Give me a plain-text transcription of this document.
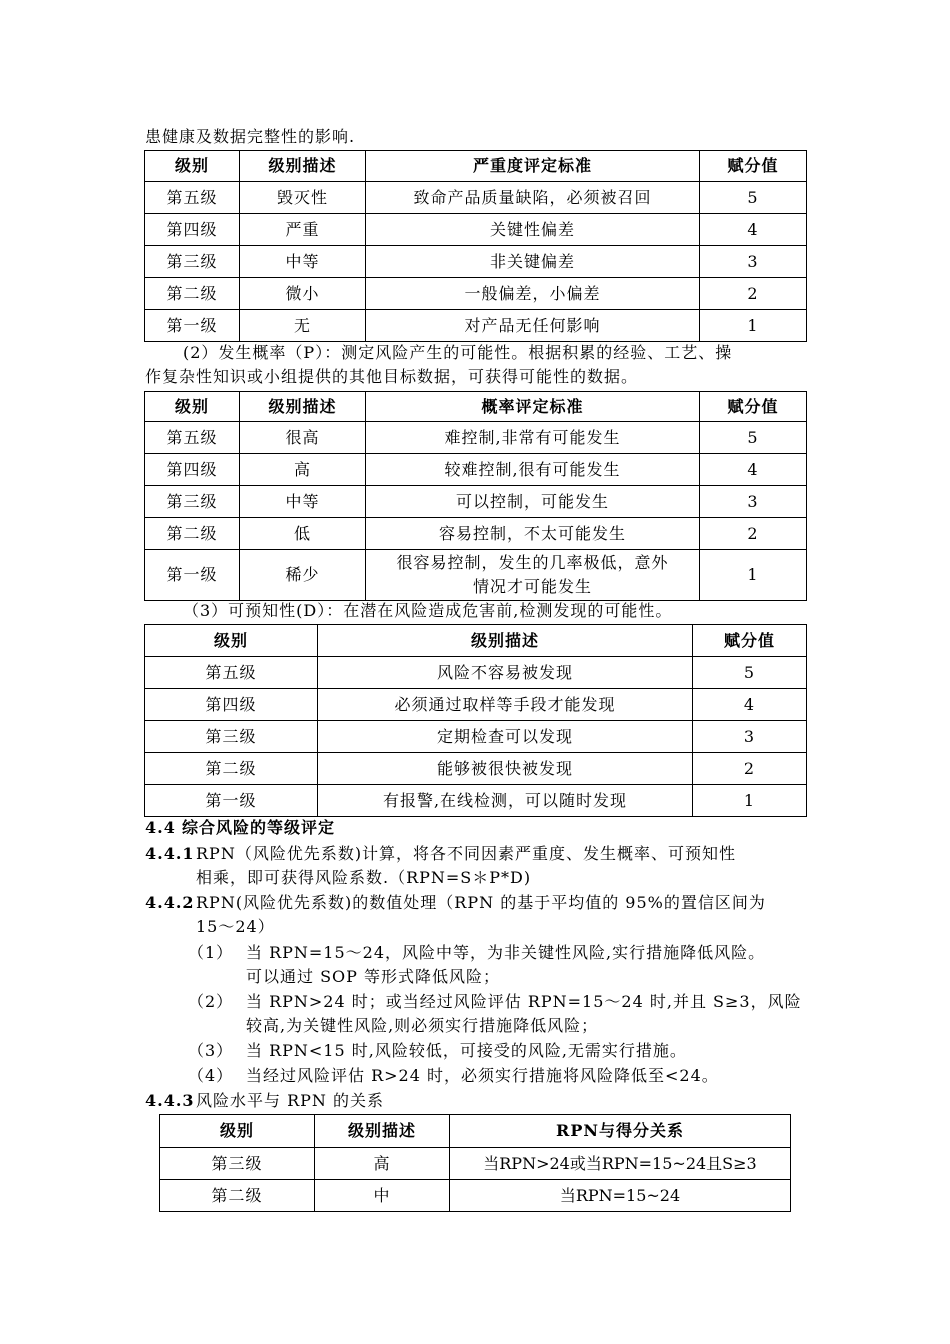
患健康及数据完整性的影响.
级别	级别描述	严重度评定标准	赋分值
第五级	毁灭性	致命产品质量缺陷，必须被召回	5
第四级	严重	关键性偏差	4
第三级	中等	非关键偏差	3
第二级	微小	一般偏差，小偏差	2
第一级	无	对产品无任何影响	1
(2）发生概率（P）：测定风险产生的可能性。根据积累的经验、工艺、操
作复杂性知识或小组提供的其他目标数据，可获得可能性的数据。
级别	级别描述	概率评定标准	赋分值
第五级	很高	难控制,非常有可能发生	5
第四级	高	较难控制,很有可能发生	4
第三级	中等	可以控制，可能发生	3
第二级	低	容易控制，不太可能发生	2
第一级	稀少	很容易控制，发生的几率极低，意外
情况才可能发生	1
（3）可预知性(D）：在潜在风险造成危害前,检测发现的可能性。
级别	级别描述	赋分值
第五级	风险不容易被发现	5
第四级	必须通过取样等手段才能发现	4
第三级	定期检查可以发现	3
第二级	能够被很快被发现	2
第一级	有报警,在线检测，可以随时发现	1
4.4 综合风险的等级评定
4.4.1 RPN（风险优先系数)计算，将各不同因素严重度、发生概率、可预知性
相乘，即可获得风险系数.（RPN=S＊P*D)
4.4.2 RPN(风险优先系数)的数值处理（RPN 的基于平均值的 95%的置信区间为
15～24）
（1） 当 RPN=15～24，风险中等，为非关键性风险,实行措施降低风险。
可以通过 SOP 等形式降低风险；
（2） 当 RPN>24 时；或当经过风险评估 RPN=15～24 时,并且 S≥3，风险
较高,为关键性风险,则必须实行措施降低风险；
（3） 当 RPN<15 时,风险较低，可接受的风险,无需实行措施。
（4） 当经过风险评估 R>24 时，必须实行措施将风险降低至<24。
4.4.3 风险水平与 RPN 的关系
级别	级别描述	RPN与得分关系
第三级	高	当RPN>24或当RPN=15~24且S≥3
第二级	中	当RPN=15~24
